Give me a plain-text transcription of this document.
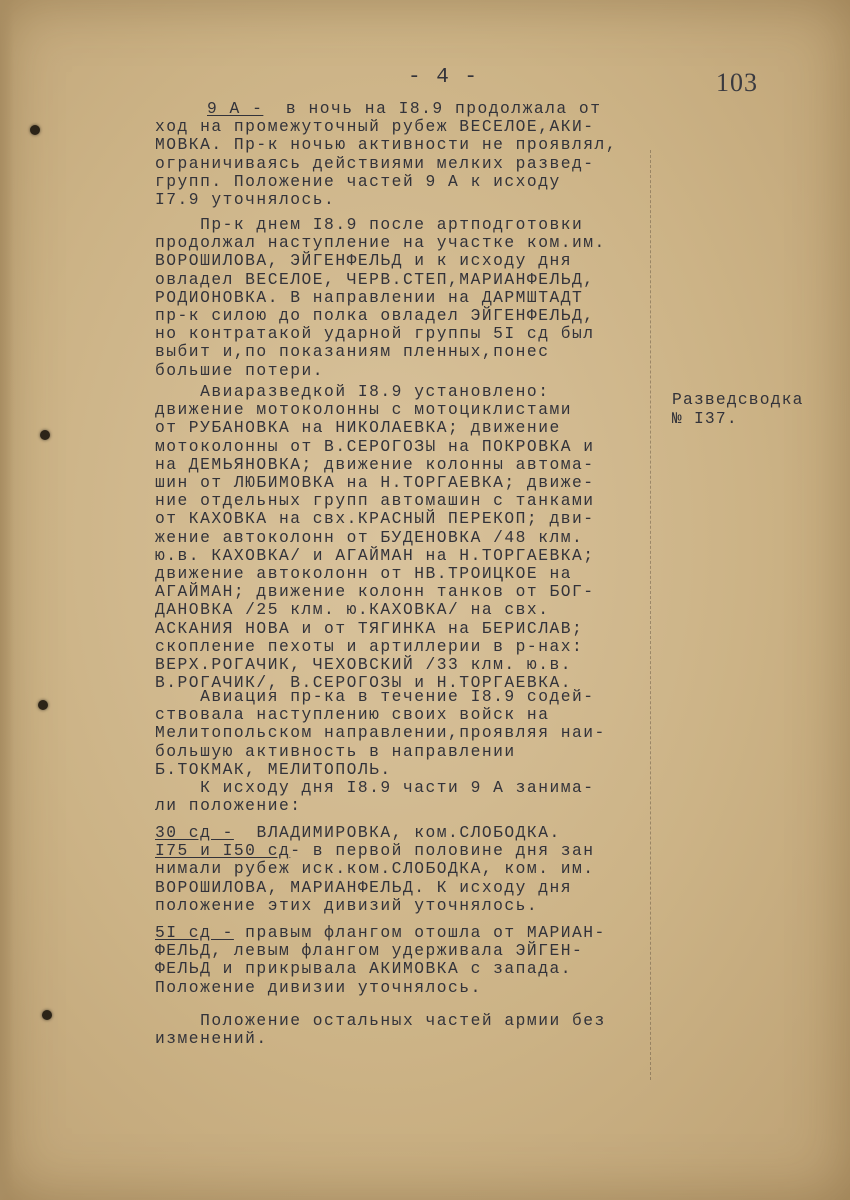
- 4 -	103
9 А -  в ночь на I8.9 продолжала от
ход на промежуточный рубеж ВЕСЕЛОЕ,АКИ-
МОВКА. Пр-к ночью активности не проявлял,
ограничиваясь действиями мелких развед-
групп. Положение частей 9 А к исходу
I7.9 уточнялось.
Пр-к днем I8.9 после артподготовки
продолжал наступление на участке ком.им.
ВОРОШИЛОВА, ЭЙГЕНФЕЛЬД и к исходу дня
овладел ВЕСЕЛОЕ, ЧЕРВ.СТЕП,МАРИАНФЕЛЬД,
РОДИОНОВКА. В направлении на ДАРМШТАДТ
пр-к силою до полка овладел ЭЙГЕНФЕЛЬД,
но контратакой ударной группы 5I сд был
выбит и,по показаниям пленных,понес
большие потери.
Авиаразведкой I8.9 установлено:
движение мотоколонны с мотоциклистами
от РУБАНОВКА на НИКОЛАЕВКА; движение
мотоколонны от В.СЕРОГОЗЫ на ПОКРОВКА и
на ДЕМЬЯНОВКА; движение колонны автома-
шин от ЛЮБИМОВКА на Н.ТОРГАЕВКА; движе-
ние отдельных групп автомашин с танками
от КАХОВКА на свх.КРАСНЫЙ ПЕРЕКОП; дви-
жение автоколонн от БУДЕНОВКА /48 клм.
ю.в. КАХОВКА/ и АГАЙМАН на Н.ТОРГАЕВКА;
движение автоколонн от НВ.ТРОИЦКОЕ на
АГАЙМАН; движение колонн танков от БОГ-
ДАНОВКА /25 клм. ю.КАХОВКА/ на свх.
АСКАНИЯ НОВА и от ТЯГИНКА на БЕРИСЛАВ;
скопление пехоты и артиллерии в р-нах:
ВЕРХ.РОГАЧИК, ЧЕХОВСКИЙ /33 клм. ю.в.
В.РОГАЧИК/, В.СЕРОГОЗЫ и Н.ТОРГАЕВКА.
Авиация пр-ка в течение I8.9 содей-
ствовала наступлению своих войск на
Мелитопольском направлении,проявляя наи-
большую активность в направлении
Б.ТОКМАК, МЕЛИТОПОЛЬ.
К исходу дня I8.9 части 9 А занима-
ли положение:
30 сд -  ВЛАДИМИРОВКА, ком.СЛОБОДКА.
I75 и I50 сд- в первой половине дня зан
нимали рубеж иск.ком.СЛОБОДКА, ком. им.
ВОРОШИЛОВА, МАРИАНФЕЛЬД. К исходу дня
положение этих дивизий уточнялось.
5I сд - правым флангом отошла от МАРИАН-
ФЕЛЬД, левым флангом удерживала ЭЙГЕН-
ФЕЛЬД и прикрывала АКИМОВКА с запада.
Положение дивизии уточнялось.
Положение остальных частей армии без
изменений.
Разведсводка
№ I37.
